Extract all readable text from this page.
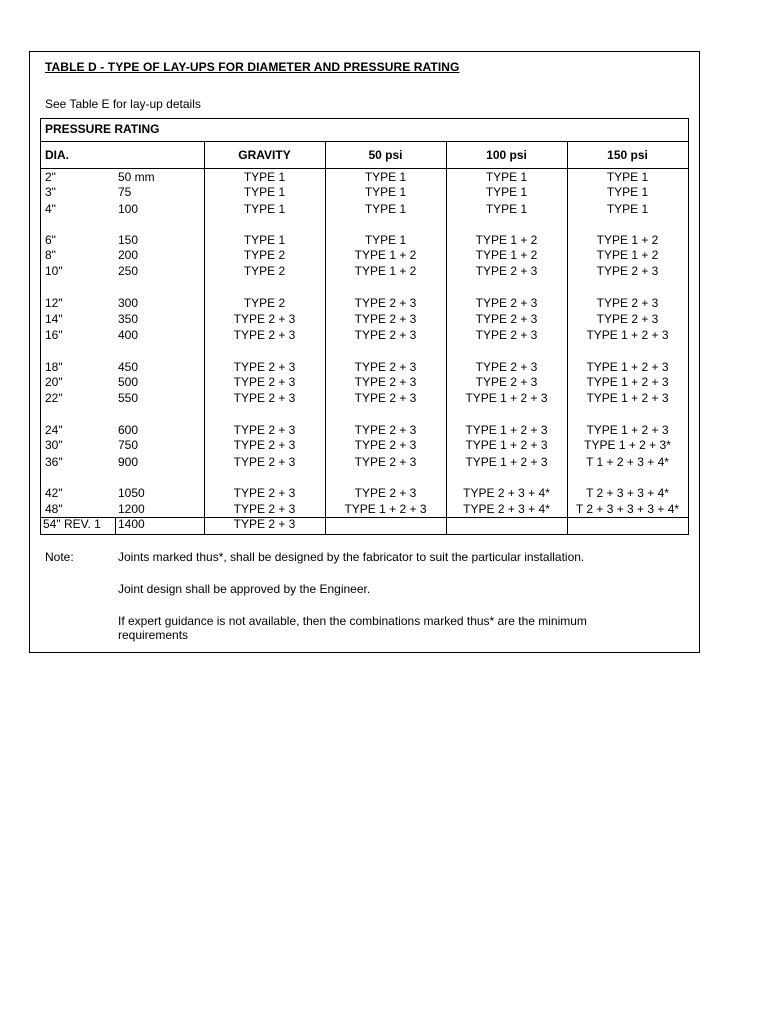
TABLE D - TYPE OF LAY-UPS FOR DIAMETER AND PRESSURE RATING
See Table E for lay-up details
PRESSURE RATING
DIA.	GRAVITY	50 psi	100 psi	150 psi
2"	50 mm	TYPE 1	TYPE 1	TYPE 1	TYPE 1
3"	75	TYPE 1	TYPE 1	TYPE 1	TYPE 1
4"	100	TYPE 1	TYPE 1	TYPE 1	TYPE 1
6"	150	TYPE 1	TYPE 1	TYPE 1 + 2	TYPE 1 + 2
8"	200	TYPE 2	TYPE 1 + 2	TYPE 1 + 2	TYPE 1 + 2
10"	250	TYPE 2	TYPE 1 + 2	TYPE 2 + 3	TYPE 2 + 3
12"	300	TYPE 2	TYPE 2 + 3	TYPE 2 + 3	TYPE 2 + 3
14"	350	TYPE 2 + 3	TYPE 2 + 3	TYPE 2 + 3	TYPE 2 + 3
16"	400	TYPE 2 + 3	TYPE 2 + 3	TYPE 2 + 3	TYPE 1 + 2 + 3
18"	450	TYPE 2 + 3	TYPE 2 + 3	TYPE 2 + 3	TYPE 1 + 2 + 3
20"	500	TYPE 2 + 3	TYPE 2 + 3	TYPE 2 + 3	TYPE 1 + 2 + 3
22"	550	TYPE 2 + 3	TYPE 2 + 3	TYPE 1 + 2 + 3	TYPE 1 + 2 + 3
24"	600	TYPE 2 + 3	TYPE 2 + 3	TYPE 1 + 2 + 3	TYPE 1 + 2 + 3
30"	750	TYPE 2 + 3	TYPE 2 + 3	TYPE 1 + 2 + 3	TYPE 1 + 2 + 3*
36"	900	TYPE 2 + 3	TYPE 2 + 3	TYPE 1 + 2 + 3	T 1 + 2 + 3 + 4*
42"	1050	TYPE 2 + 3	TYPE 2 + 3	TYPE 2 + 3 + 4*	T 2 + 3 + 3 + 4*
48"	1200	TYPE 2 + 3	TYPE 1 + 2 + 3	TYPE 2 + 3 + 4*	T 2 + 3 + 3 + 3 + 4*
54" REV. 1	1400	TYPE 2 + 3
Note:	Joints marked thus*, shall be designed by the fabricator to suit the particular installation.
Joint design shall be approved by the Engineer.
If expert guidance is not available, then the combinations marked thus* are the minimum requirements
